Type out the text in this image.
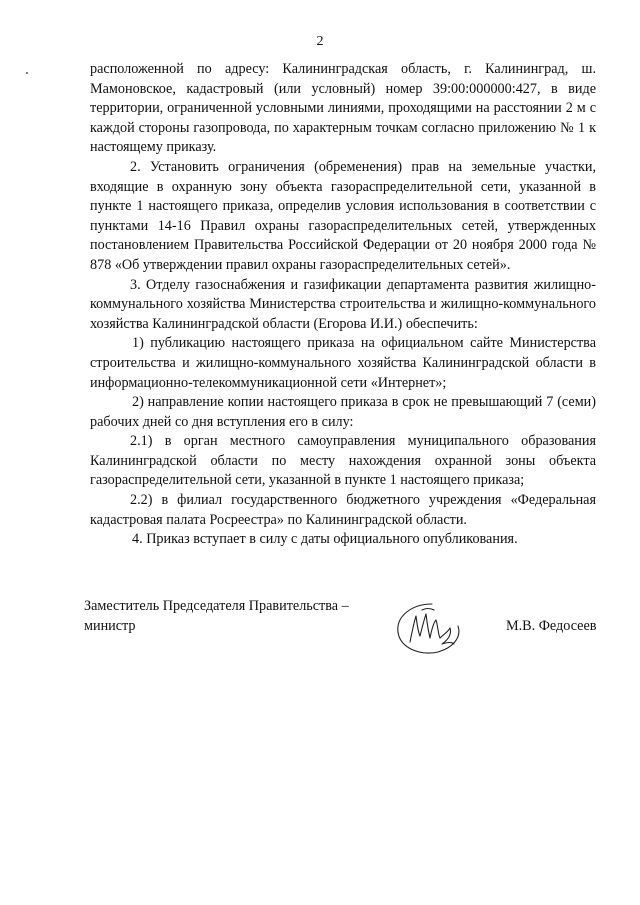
2

расположенной по адресу: Калининградская область, г. Калининград, ш. Мамоновское, кадастровый (или условный) номер 39:00:000000:427, в виде территории, ограниченной условными линиями, проходящими на расстоянии 2 м с каждой стороны газопровода, по характерным точкам согласно приложению № 1 к настоящему приказу.

2. Установить ограничения (обременения) прав на земельные участки, входящие в охранную зону объекта газораспределительной сети, указанной в пункте 1 настоящего приказа, определив условия использования в соответствии с пунктами 14-16 Правил охраны газораспределительных сетей, утвержденных постановлением Правительства Российской Федерации от 20 ноября 2000 года № 878 «Об утверждении правил охраны газораспределительных сетей».

3. Отделу газоснабжения и газификации департамента развития жилищно-коммунального хозяйства Министерства строительства и жилищно-коммунального хозяйства Калининградской области (Егорова И.И.) обеспечить:

1) публикацию настоящего приказа на официальном сайте Министерства строительства и жилищно-коммунального хозяйства Калининградской области в информационно-телекоммуникационной сети «Интернет»;

2) направление копии настоящего приказа в срок не превышающий 7 (семи) рабочих дней со дня вступления его в силу:

2.1) в орган местного самоуправления муниципального образования Калининградской области по месту нахождения охранной зоны объекта газораспределительной сети, указанной в пункте 1 настоящего приказа;

2.2) в филиал государственного бюджетного учреждения «Федеральная кадастровая палата Росреестра» по Калининградской области.

4. Приказ вступает в силу с даты официального опубликования.

Заместитель Председателя Правительства –
министр	М.В. Федосеев
